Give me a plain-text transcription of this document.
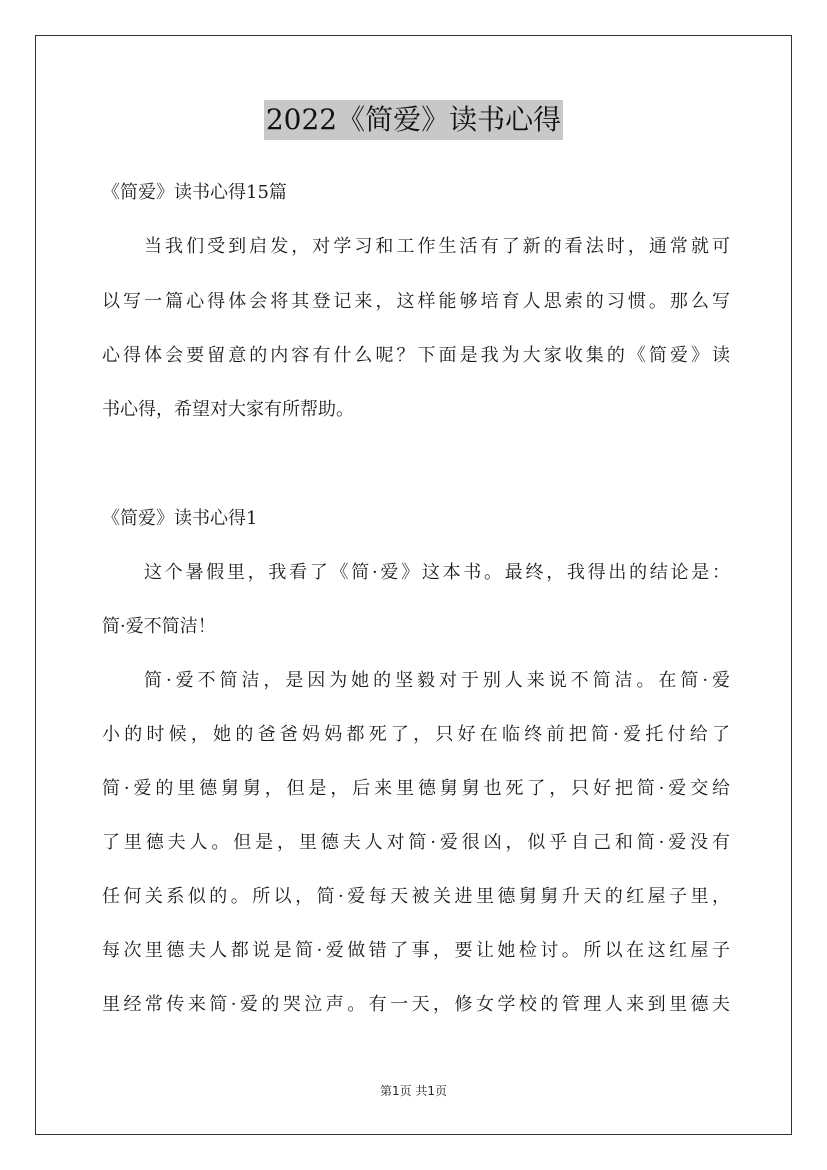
2022《简爱》读书心得
《简爱》读书心得15篇
当我们受到启发，对学习和工作生活有了新的看法时，通常就可
以写一篇心得体会将其登记来，这样能够培育人思索的习惯。那么写
心得体会要留意的内容有什么呢？下面是我为大家收集的《简爱》读
书心得，希望对大家有所帮助。
《简爱》读书心得1
这个暑假里，我看了《简·爱》这本书。最终，我得出的结论是：
简·爱不简洁！
简·爱不简洁，是因为她的坚毅对于别人来说不简洁。在简·爱
小的时候，她的爸爸妈妈都死了，只好在临终前把简·爱托付给了
简·爱的里德舅舅，但是，后来里德舅舅也死了，只好把简·爱交给
了里德夫人。但是，里德夫人对简·爱很凶，似乎自己和简·爱没有
任何关系似的。所以，简·爱每天被关进里德舅舅升天的红屋子里，
每次里德夫人都说是简·爱做错了事，要让她检讨。所以在这红屋子
里经常传来简·爱的哭泣声。有一天，修女学校的管理人来到里德夫
第1页 共1页
